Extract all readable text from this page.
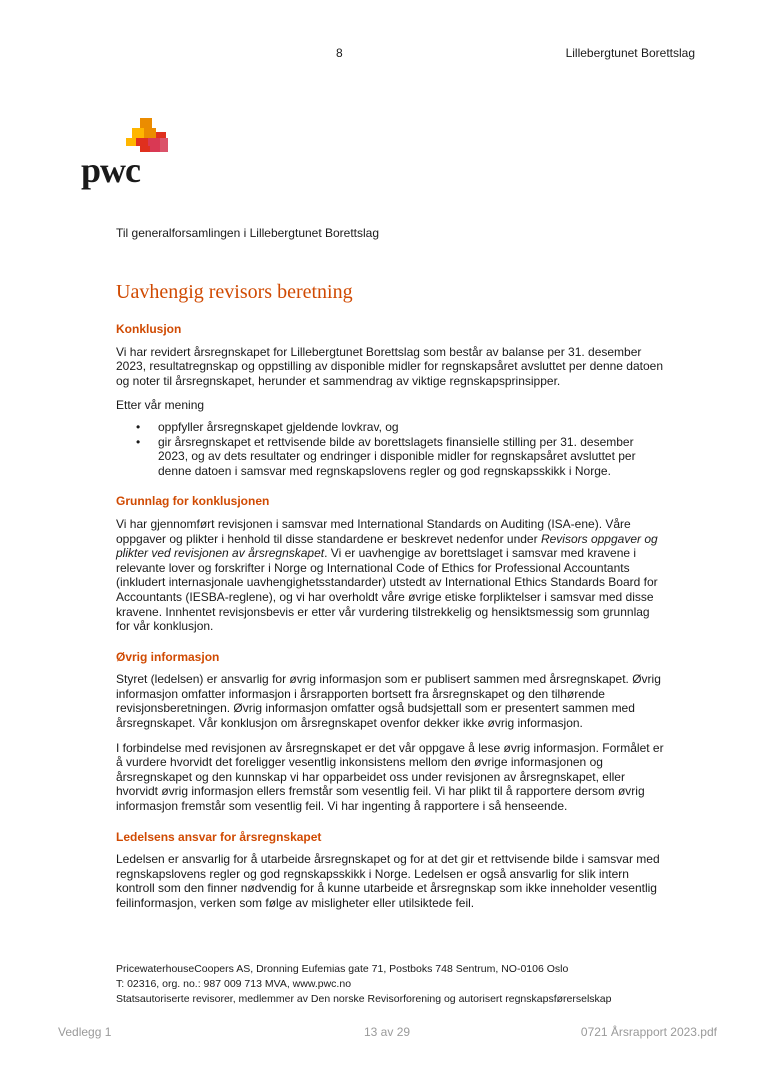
8	Lillebergtunet Borettslag
pwc
Til generalforsamlingen i Lillebergtunet Borettslag
Uavhengig revisors beretning
Konklusjon

Vi har revidert årsregnskapet for Lillebergtunet Borettslag som består av balanse per 31. desember 2023, resultatregnskap og oppstilling av disponible midler for regnskapsåret avsluttet per denne datoen og noter til årsregnskapet, herunder et sammendrag av viktige regnskapsprinsipper.

Etter vår mening

• oppfyller årsregnskapet gjeldende lovkrav, og
• gir årsregnskapet et rettvisende bilde av borettslagets finansielle stilling per 31. desember 2023, og av dets resultater og endringer i disponible midler for regnskapsåret avsluttet per denne datoen i samsvar med regnskapslovens regler og god regnskapsskikk i Norge.
Grunnlag for konklusjonen

Vi har gjennomført revisjonen i samsvar med International Standards on Auditing (ISA-ene). Våre oppgaver og plikter i henhold til disse standardene er beskrevet nedenfor under Revisors oppgaver og plikter ved revisjonen av årsregnskapet. Vi er uavhengige av borettslaget i samsvar med kravene i relevante lover og forskrifter i Norge og International Code of Ethics for Professional Accountants (inkludert internasjonale uavhengighetsstandarder) utstedt av International Ethics Standards Board for Accountants (IESBA-reglene), og vi har overholdt våre øvrige etiske forpliktelser i samsvar med disse kravene. Innhentet revisjonsbevis er etter vår vurdering tilstrekkelig og hensiktsmessig som grunnlag for vår konklusjon.

Øvrig informasjon

Styret (ledelsen) er ansvarlig for øvrig informasjon som er publisert sammen med årsregnskapet. Øvrig informasjon omfatter informasjon i årsrapporten bortsett fra årsregnskapet og den tilhørende revisjonsberetningen. Øvrig informasjon omfatter også budsjettall som er presentert sammen med årsregnskapet. Vår konklusjon om årsregnskapet ovenfor dekker ikke øvrig informasjon.

I forbindelse med revisjonen av årsregnskapet er det vår oppgave å lese øvrig informasjon. Formålet er å vurdere hvorvidt det foreligger vesentlig inkonsistens mellom den øvrige informasjonen og årsregnskapet og den kunnskap vi har opparbeidet oss under revisjonen av årsregnskapet, eller hvorvidt øvrig informasjon ellers fremstår som vesentlig feil. Vi har plikt til å rapportere dersom øvrig informasjon fremstår som vesentlig feil. Vi har ingenting å rapportere i så henseende.

Ledelsens ansvar for årsregnskapet

Ledelsen er ansvarlig for å utarbeide årsregnskapet og for at det gir et rettvisende bilde i samsvar med regnskapslovens regler og god regnskapsskikk i Norge. Ledelsen er også ansvarlig for slik intern kontroll som den finner nødvendig for å kunne utarbeide et årsregnskap som ikke inneholder vesentlig feilinformasjon, verken som følge av misligheter eller utilsiktede feil.

PricewaterhouseCoopers AS, Dronning Eufemias gate 71, Postboks 748 Sentrum, NO-0106 Oslo
T: 02316, org. no.: 987 009 713 MVA, www.pwc.no
Statsautoriserte revisorer, medlemmer av Den norske Revisorforening og autorisert regnskapsførerselskap
Vedlegg 1	13 av 29	0721 Årsrapport 2023.pdf
